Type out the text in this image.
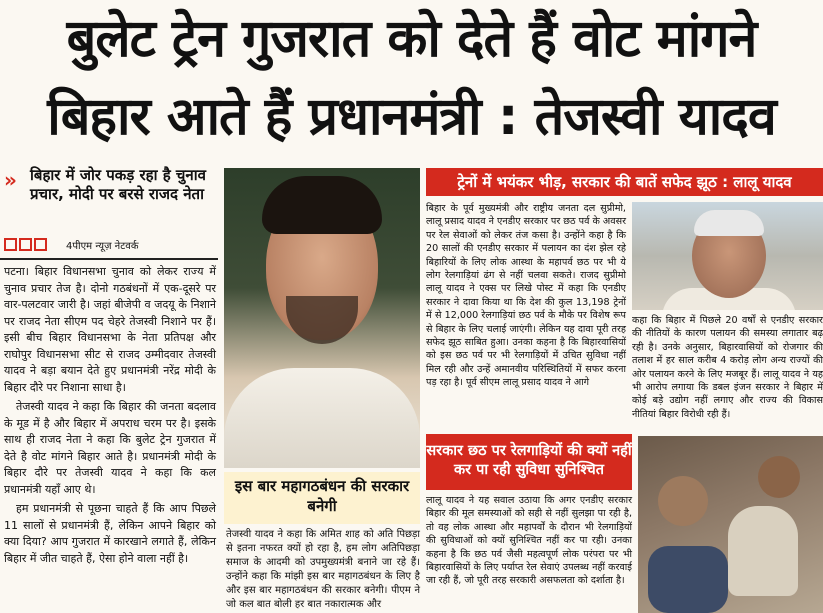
बुलेट ट्रेन गुजरात को देते हैं वोट मांगने
बिहार आते हैं प्रधानमंत्री : तेजस्वी यादव
» बिहार में जोर पकड़ रहा है चुनाव प्रचार, मोदी पर बरसे राजद नेता
4पीएम न्यूज़ नेटवर्क

पटना। बिहार विधानसभा चुनाव को लेकर राज्य में चुनाव प्रचार तेज है। दोनो गठबंधनों में एक-दूसरे पर वार-पलटवार जारी है। जहां बीजेपी व जदयू के निशाने पर राजद नेता सीएम पद चेहरे तेजस्वी निशाने पर हैं। इसी बीच बिहार विधानसभा के नेता प्रतिपक्ष और राघोपुर विधानसभा सीट से राजद उम्मीदवार तेजस्वी यादव ने बड़ा बयान देते हुए प्रधानमंत्री नरेंद्र मोदी के बिहार दौरे पर निशाना साधा है।

तेजस्वी यादव ने कहा कि बिहार की जनता बदलाव के मूड में है और बिहार में अपराध चरम पर है। इसके साथ ही राजद नेता ने कहा कि बुलेट ट्रेन गुजरात में देते है वोट मांगने बिहार आते है। प्रधानमंत्री मोदी के बिहार दौरे पर तेजस्वी यादव ने कहा कि कल प्रधानमंत्री यहाँ आए थे।

हम प्रधानमंत्री से पूछना चाहते हैं कि आप पिछले 11 सालों से प्रधानमंत्री हैं, लेकिन आपने बिहार को क्या दिया? आप गुजरात में कारखाने लगाते हैं, लेकिन बिहार में जीत चाहते हैं, ऐसा होने वाला नहीं है।

इस बार महागठबंधन की सरकार बनेगी
तेजस्वी यादव ने कहा कि अमित शाह को अति पिछड़ा से इतना नफरत क्यों हो रहा है, हम लोग अतिपिछड़ा समाज के आदमी को उपमुख्यमंत्री बनाने जा रहे हैं। उन्होंने कहा कि मांझी इस बार महागठबंधन के लिए है और इस बार महागठबंधन की सरकार बनेगी। पीएम ने जो कल बात बोली हर बात नकारात्मक और
ट्रेनों में भयंकर भीड़, सरकार की बातें सफेद झूठ : लालू यादव
बिहार के पूर्व मुख्यमंत्री और राष्ट्रीय जनता दल सुप्रीमो, लालू प्रसाद यादव ने एनडीए सरकार पर छठ पर्व के अवसर पर रेल सेवाओं को लेकर तंज कसा है। उन्होंने कहा है कि 20 सालों की एनडीए सरकार में पलायन का दंश झेल रहे बिहारियों के लिए लोक आस्था के महापर्व छठ पर भी ये लोग रेलगाड़ियां ढंग से नहीं चलवा सकते। राजद सुप्रीमो लालू यादव ने एक्स पर लिखे पोस्ट में कहा कि एनडीए सरकार ने दावा किया था कि देश की कुल 13,198 ट्रेनों में से 12,000 रेलगाड़ियां छठ पर्व के मौके पर विशेष रूप से बिहार के लिए चलाई जाएंगी। लेकिन यह दावा पूरी तरह सफेद झूठ साबित हुआ। उनका कहना है कि बिहारवासियों को इस छठ पर्व पर भी रेलगाड़ियों में उचित सुविधा नहीं मिल रही और उन्हें अमानवीय परिस्थितियों में सफर करना पड़ रहा है। पूर्व सीएम लालू प्रसाद यादव ने आगे
कहा कि बिहार में पिछले 20 वर्षों से एनडीए सरकार की नीतियों के कारण पलायन की समस्या लगातार बढ़ रही है। उनके अनुसार, बिहारवासियों को रोजगार की तलाश में हर साल करीब 4 करोड़ लोग अन्य राज्यों की ओर पलायन करने के लिए मजबूर हैं। लालू यादव ने यह भी आरोप लगाया कि डबल इंजन सरकार ने बिहार में कोई बड़े उद्योग नहीं लगाए और राज्य की विकास नीतियां बिहार विरोधी रही हैं।
सरकार छठ पर रेलगाड़ियों की क्यों नहीं कर पा रही सुविधा सुनिश्चित
लालू यादव ने यह सवाल उठाया कि अगर एनडीए सरकार बिहार की मूल समस्याओं को सही से नहीं सुलझा पा रही है, तो वह लोक आस्था और महापर्वों के दौरान भी रेलगाड़ियों की सुविधाओं को क्यों सुनिश्चित नहीं कर पा रही। उनका कहना है कि छठ पर्व जैसी महत्वपूर्ण लोक परंपरा पर भी बिहारवासियों के लिए पर्याप्त रेल सेवाएं उपलब्ध नहीं करवाई जा रही हैं, जो पूरी तरह सरकारी असफलता को दर्शाता है।
